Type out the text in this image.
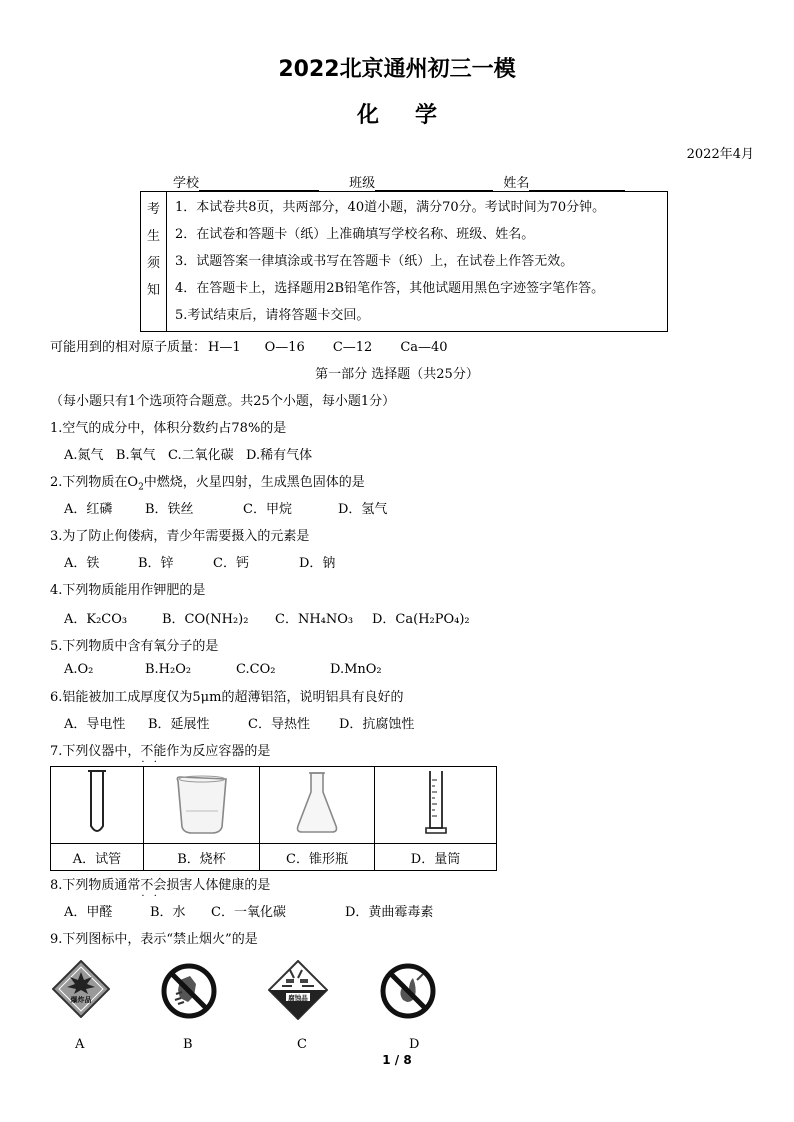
2022北京通州初三一模
化学
2022年4月
学校	班级	姓名
考
生
须
知
1．本试卷共8页，共两部分，40道小题，满分70分。考试时间为70分钟。
2．在试卷和答题卡（纸）上准确填写学校名称、班级、姓名。
3．试题答案一律填涂或书写在答题卡（纸）上，在试卷上作答无效。
4．在答题卡上，选择题用2B铅笔作答，其他试题用黑色字迹签字笔作答。
5.考试结束后，请将答题卡交回。
可能用到的相对原子质量： H—1 O—16 C—12 Ca—40
第一部分 选择题（共25分）
（每小题只有1个选项符合题意。共25个小题，每小题1分）
1.空气的成分中，体积分数约占78%的是
A.氮气   B.氧气   C.二氧化碳   D.稀有气体
2.下列物质在$O_2$中燃烧，火星四射，生成黑色固体的是
A．红磷	B．铁丝	C．甲烷	D．氢气
3.为了防止佝偻病，青少年需要摄入的元素是
A．铁	B．锌	C．钙	D．钠
4.下列物质能用作钾肥的是
A．K₂CO₃	B．CO(NH₂)₂ C．NH₄NO₃ D．Ca(H₂PO₄)₂
5.下列物质中含有氧分子的是
A.O₂	B.H₂O₂	C.CO₂	D.MnO₂
6.铝能被加工成厚度仅为5μm的超薄铝箔，说明铝具有良好的
A．导电性 B．延展性	C．导热性 D．抗腐蚀性
7.下列仪器中，不能 · ·作为反应容器的是

A．试管	B．烧杯	C．锥形瓶	D．量筒
8.下列物质通常不会 · ·损害人体健康的是
A．甲醛	B．水 C．一氧化碳	D．黄曲霉毒素
9.下列图标中，表示“禁止烟火”的是
爆炸品	腐蚀品
A	B	C	D
1 / 8
